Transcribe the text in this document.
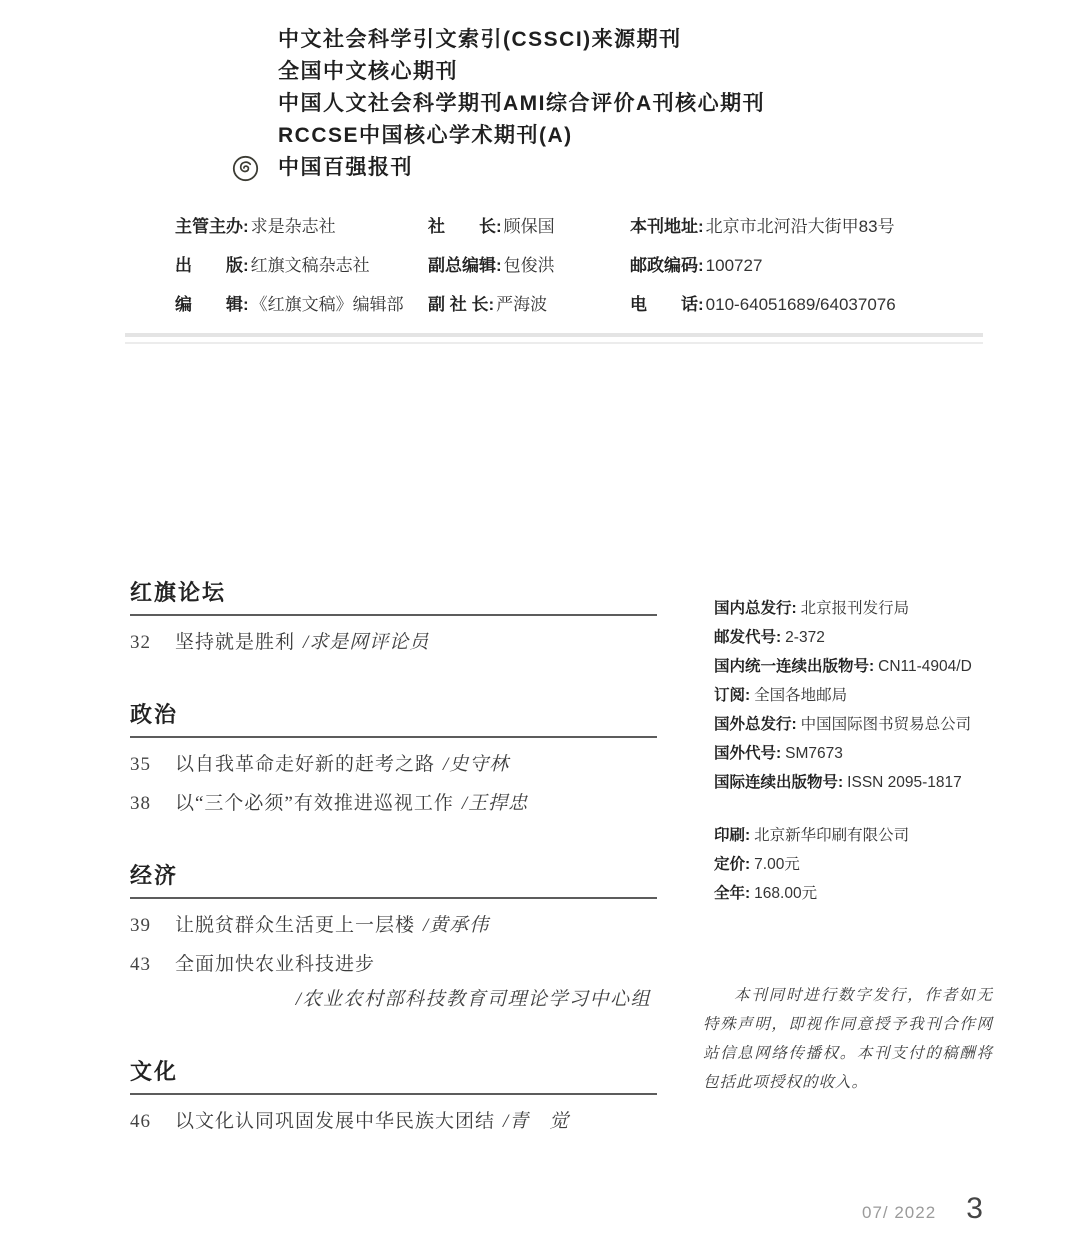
中文社会科学引文索引(CSSCI)来源期刊
全国中文核心期刊
中国人文社会科学期刊AMI综合评价A刊核心期刊
RCCSE中国核心学术期刊(A)
中国百强报刊
主管主办: 求是杂志社	社　　长: 顾保国	本刊地址: 北京市北河沿大街甲83号
出　　版: 红旗文稿杂志社	副总编辑: 包俊洪	邮政编码: 100727
编　　辑: 《红旗文稿》编辑部	副 社 长: 严海波	电　　话: 010-64051689/64037076
红旗论坛
32	坚持就是胜利 /求是网评论员
政治
35	以自我革命走好新的赶考之路 /史守林
38	以“三个必须”有效推进巡视工作 /王捍忠
经济
39	让脱贫群众生活更上一层楼 /黄承伟
43	全面加快农业科技进步
/农业农村部科技教育司理论学习中心组
文化
46	以文化认同巩固发展中华民族大团结 /青　觉
国内总发行: 北京报刊发行局
邮发代号: 2-372
国内统一连续出版物号: CN11-4904/D
订阅: 全国各地邮局
国外总发行: 中国国际图书贸易总公司
国外代号: SM7673
国际连续出版物号: ISSN 2095-1817
印刷: 北京新华印刷有限公司
定价: 7.00元
全年: 168.00元

本刊同时进行数字发行，作者如无特殊声明，即视作同意授予我刊合作网站信息网络传播权。本刊支付的稿酬将包括此项授权的收入。

07/ 2022 3
